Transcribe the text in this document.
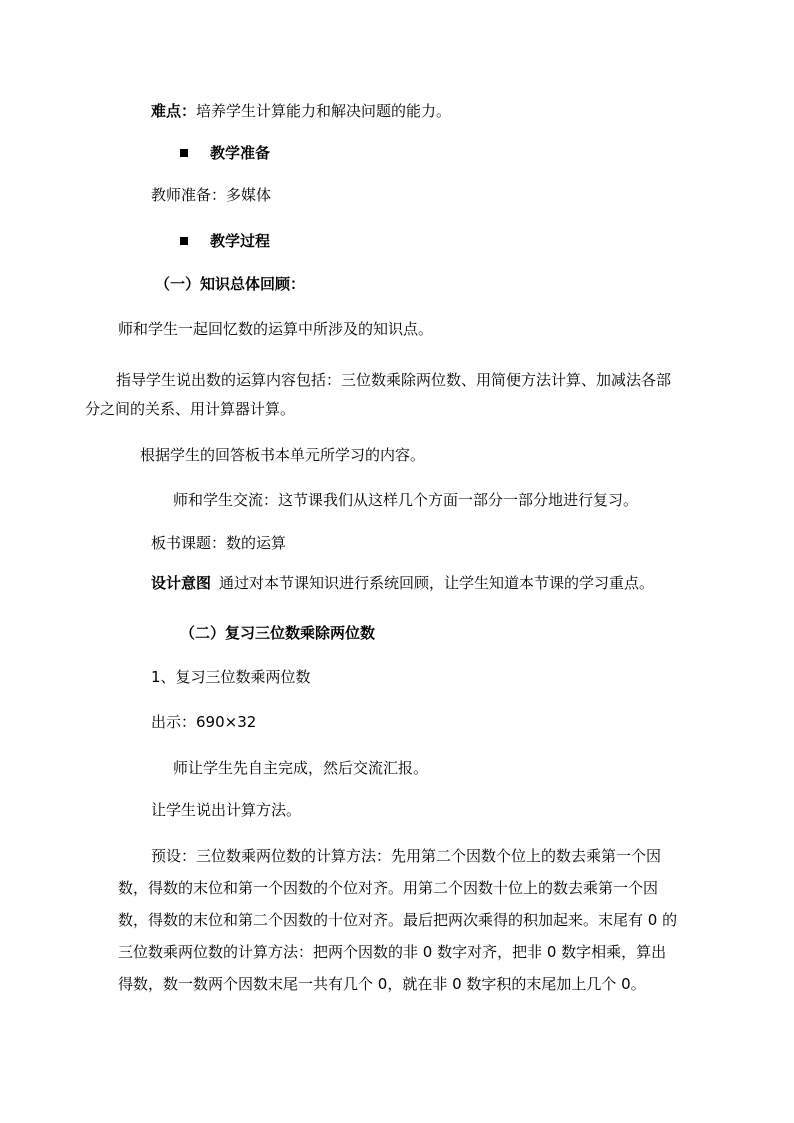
难点：培养学生计算能力和解决问题的能力。
教学准备
教师准备：多媒体
教学过程
（一）知识总体回顾：
师和学生一起回忆数的运算中所涉及的知识点。
指导学生说出数的运算内容包括：三位数乘除两位数、用简便方法计算、加减法各部分之间的关系、用计算器计算。
根据学生的回答板书本单元所学习的内容。
师和学生交流：这节课我们从这样几个方面一部分一部分地进行复习。
板书课题：数的运算
设计意图 通过对本节课知识进行系统回顾，让学生知道本节课的学习重点。
（二）复习三位数乘除两位数
1、复习三位数乘两位数
出示：690×32
师让学生先自主完成，然后交流汇报。
让学生说出计算方法。
预设：三位数乘两位数的计算方法：先用第二个因数个位上的数去乘第一个因数，得数的末位和第一个因数的个位对齐。用第二个因数十位上的数去乘第一个因数，得数的末位和第二个因数的十位对齐。最后把两次乘得的积加起来。末尾有 0 的三位数乘两位数的计算方法：把两个因数的非 0 数字对齐，把非 0 数字相乘，算出得数，数一数两个因数末尾一共有几个 0，就在非 0 数字积的末尾加上几个 0。
